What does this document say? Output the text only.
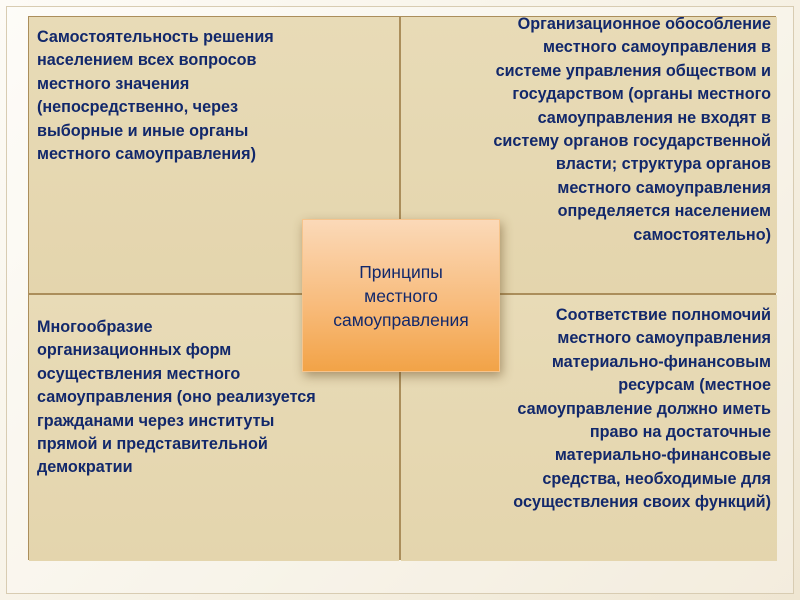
Самостоятельность решения
населением всех вопросов
местного значения
(непосредственно, через
выборные и иные органы
местного самоуправления)
Организационное обособление
местного самоуправления в
системе управления обществом и
государством (органы местного
самоуправления не входят в
систему органов государственной
власти; структура органов
местного самоуправления
определяется населением
самостоятельно)
Многообразие
организационных форм
осуществления местного
самоуправления (оно реализуется
гражданами через институты
прямой и представительной
демократии
Соответствие полномочий
местного самоуправления
материально-финансовым
ресурсам (местное
самоуправление должно иметь
право на достаточные
материально-финансовые
средства, необходимые для
осуществления своих функций)
Принципы
местного
самоуправления
